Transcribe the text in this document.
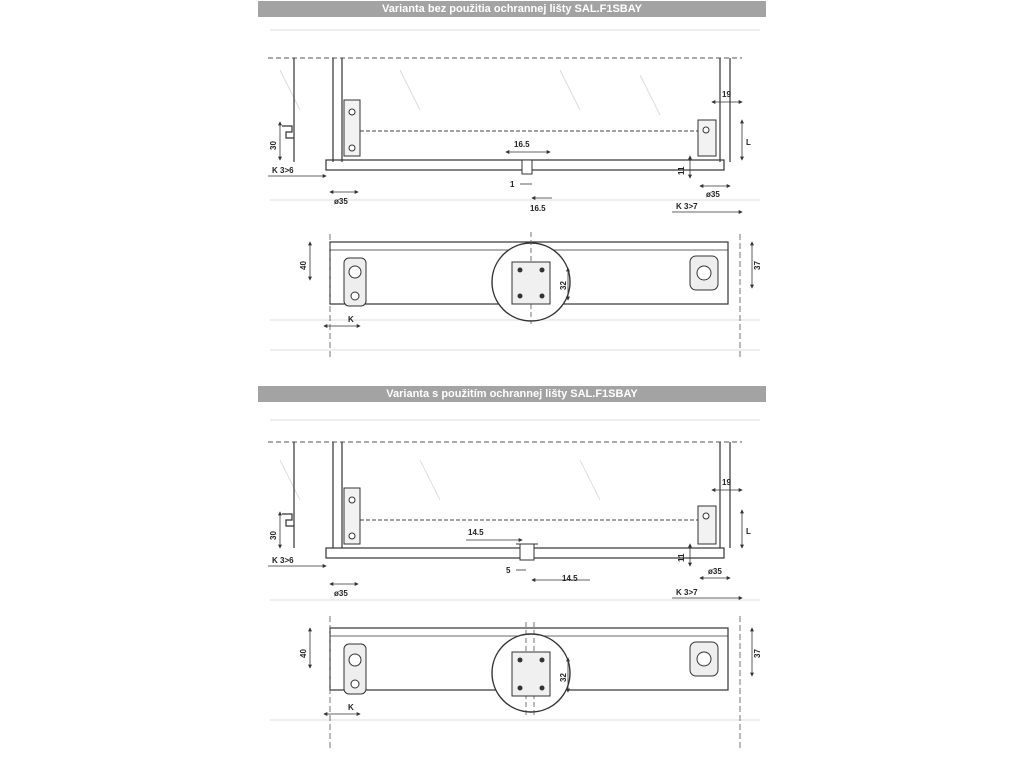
Varianta bez použitia ochrannej lišty SAL.F1SBAY
Varianta s použitím ochrannej lišty SAL.F1SBAY
30
K 3>6
ø35
16.5
1
16.5
19
L
11
ø35
K 3>7
40	37
32
K
30
K 3>6
ø35
14.5
5
14.5
19
L
11
ø35
K 3>7
40	37
32
K
